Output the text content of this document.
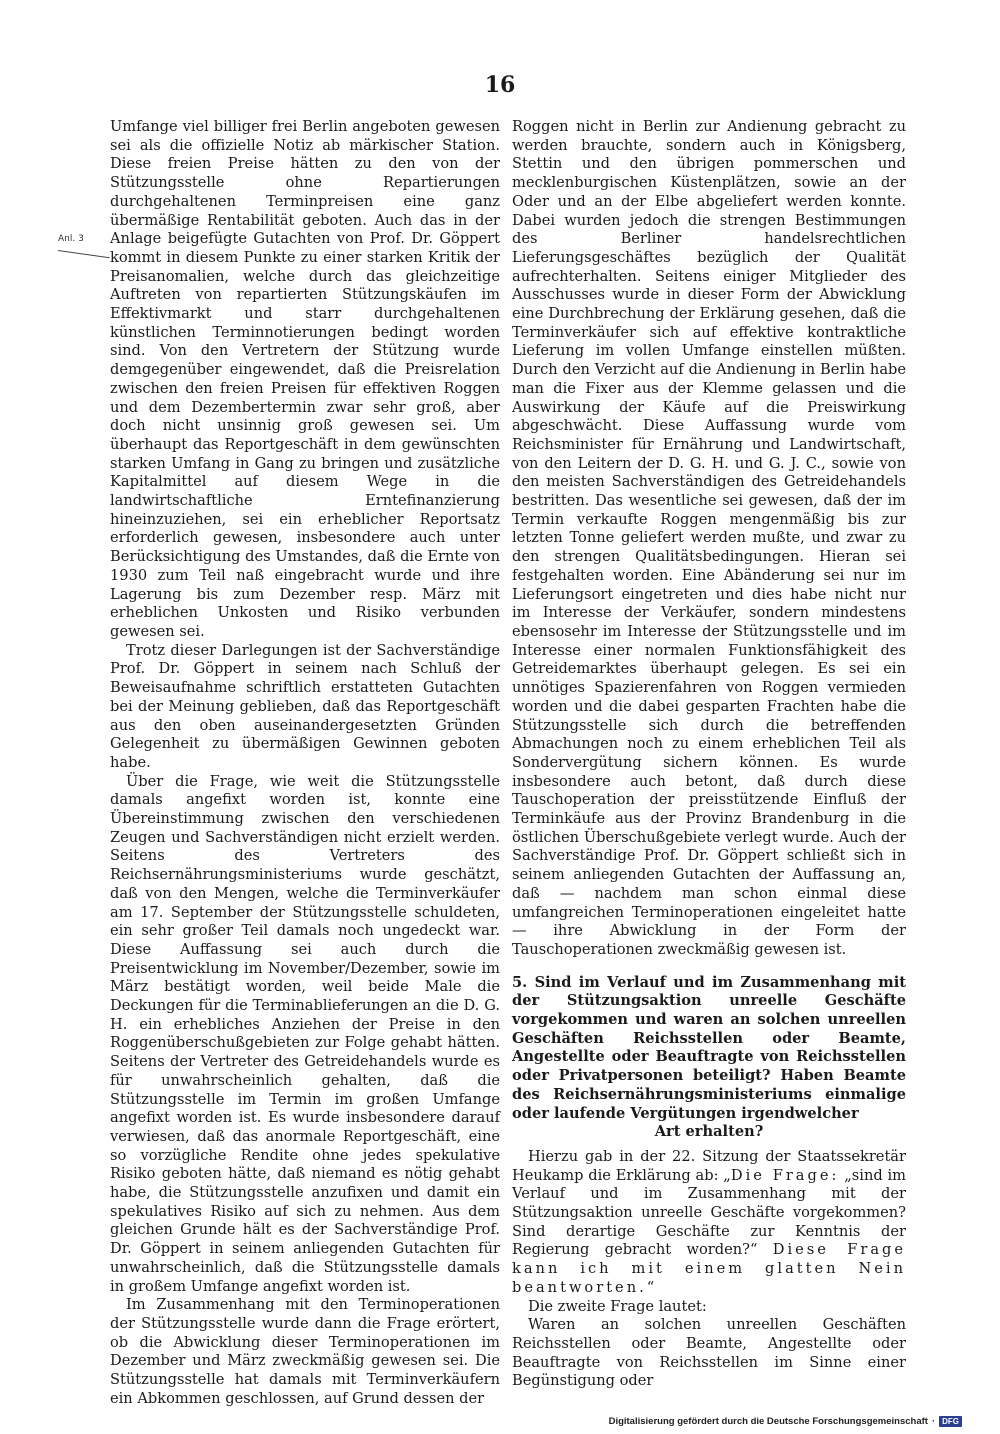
16
Anl. 3

Umfange viel billiger frei Berlin angeboten gewesen sei als die offizielle Notiz ab märkischer Station. Diese freien Preise hätten zu den von der Stützungsstelle ohne Repartierungen durchgehaltenen Terminpreisen eine ganz übermäßige Rentabilität geboten. Auch das in der Anlage beigefügte Gutachten von Prof. Dr. Göppert kommt in diesem Punkte zu einer starken Kritik der Preisanomalien, welche durch das gleichzeitige Auftreten von repartierten Stützungskäufen im Effektivmarkt und starr durchgehaltenen künstlichen Terminnotierungen bedingt worden sind. Von den Vertretern der Stützung wurde demgegenüber eingewendet, daß die Preisrelation zwischen den freien Preisen für effektiven Roggen und dem Dezembertermin zwar sehr groß, aber doch nicht unsinnig groß gewesen sei. Um überhaupt das Reportgeschäft in dem gewünschten starken Umfang in Gang zu bringen und zusätzliche Kapitalmittel auf diesem Wege in die landwirtschaftliche Erntefinanzierung hineinzuziehen, sei ein erheblicher Reportsatz erforderlich gewesen, insbesondere auch unter Berücksichtigung des Umstandes, daß die Ernte von 1930 zum Teil naß eingebracht wurde und ihre Lagerung bis zum Dezember resp. März mit erheblichen Unkosten und Risiko verbunden gewesen sei.

Trotz dieser Darlegungen ist der Sachverständige Prof. Dr. Göppert in seinem nach Schluß der Beweisaufnahme schriftlich erstatteten Gutachten bei der Meinung geblieben, daß das Reportgeschäft aus den oben auseinandergesetzten Gründen Gelegenheit zu übermäßigen Gewinnen geboten habe.

Über die Frage, wie weit die Stützungsstelle damals angefixt worden ist, konnte eine Übereinstimmung zwischen den verschiedenen Zeugen und Sachverständigen nicht erzielt werden. Seitens des Vertreters des Reichsernährungsministeriums wurde geschätzt, daß von den Mengen, welche die Terminverkäufer am 17. September der Stützungsstelle schuldeten, ein sehr großer Teil damals noch ungedeckt war. Diese Auffassung sei auch durch die Preisentwicklung im November/Dezember, sowie im März bestätigt worden, weil beide Male die Deckungen für die Terminablieferungen an die D. G. H. ein erhebliches Anziehen der Preise in den Roggenüberschußgebieten zur Folge gehabt hätten. Seitens der Vertreter des Getreidehandels wurde es für unwahrscheinlich gehalten, daß die Stützungsstelle im Termin im großen Umfange angefixt worden ist. Es wurde insbesondere darauf verwiesen, daß das anormale Reportgeschäft, eine so vorzügliche Rendite ohne jedes spekulative Risiko geboten hätte, daß niemand es nötig gehabt habe, die Stützungsstelle anzufixen und damit ein spekulatives Risiko auf sich zu nehmen. Aus dem gleichen Grunde hält es der Sachverständige Prof. Dr. Göppert in seinem anliegenden Gutachten für unwahrscheinlich, daß die Stützungsstelle damals in großem Umfange angefixt worden ist.

Im Zusammenhang mit den Terminoperationen der Stützungsstelle wurde dann die Frage erörtert, ob die Abwicklung dieser Terminoperationen im Dezember und März zweckmäßig gewesen sei. Die Stützungsstelle hat damals mit Terminverkäufern ein Abkommen geschlossen, auf Grund dessen der

Roggen nicht in Berlin zur Andienung gebracht zu werden brauchte, sondern auch in Königsberg, Stettin und den übrigen pommerschen und mecklenburgischen Küstenplätzen, sowie an der Oder und an der Elbe abgeliefert werden konnte. Dabei wurden jedoch die strengen Bestimmungen des Berliner handelsrechtlichen Lieferungsgeschäftes bezüglich der Qualität aufrechterhalten. Seitens einiger Mitglieder des Ausschusses wurde in dieser Form der Abwicklung eine Durchbrechung der Erklärung gesehen, daß die Terminverkäufer sich auf effektive kontraktliche Lieferung im vollen Umfange einstellen müßten. Durch den Verzicht auf die Andienung in Berlin habe man die Fixer aus der Klemme gelassen und die Auswirkung der Käufe auf die Preiswirkung abgeschwächt. Diese Auffassung wurde vom Reichsminister für Ernährung und Landwirtschaft, von den Leitern der D. G. H. und G. J. C., sowie von den meisten Sachverständigen des Getreidehandels bestritten. Das wesentliche sei gewesen, daß der im Termin verkaufte Roggen mengenmäßig bis zur letzten Tonne geliefert werden mußte, und zwar zu den strengen Qualitätsbedingungen. Hieran sei festgehalten worden. Eine Abänderung sei nur im Lieferungsort eingetreten und dies habe nicht nur im Interesse der Verkäufer, sondern mindestens ebensosehr im Interesse der Stützungsstelle und im Interesse einer normalen Funktionsfähigkeit des Getreidemarktes überhaupt gelegen. Es sei ein unnötiges Spazierenfahren von Roggen vermieden worden und die dabei gesparten Frachten habe die Stützungsstelle sich durch die betreffenden Abmachungen noch zu einem erheblichen Teil als Sondervergütung sichern können. Es wurde insbesondere auch betont, daß durch diese Tauschoperation der preisstützende Einfluß der Terminkäufe aus der Provinz Brandenburg in die östlichen Überschußgebiete verlegt wurde. Auch der Sachverständige Prof. Dr. Göppert schließt sich in seinem anliegenden Gutachten der Auffassung an, daß — nachdem man schon einmal diese umfangreichen Terminoperationen eingeleitet hatte — ihre Abwicklung in der Form der Tauschoperationen zweckmäßig gewesen ist.

5. Sind im Verlauf und im Zusammenhang mit der Stützungsaktion unreelle Geschäfte vorgekommen und waren an solchen unreellen Geschäften Reichsstellen oder Beamte, Angestellte oder Beauftragte von Reichsstellen oder Privatpersonen beteiligt? Haben Beamte des Reichsernährungsministeriums einmalige oder laufende Vergütungen irgendwelcher
Art erhalten?

Hierzu gab in der 22. Sitzung der Staatssekretär Heukamp die Erklärung ab: „Die Frage: „sind im Verlauf und im Zusammenhang mit der Stützungsaktion unreelle Geschäfte vorgekommen? Sind derartige Geschäfte zur Kenntnis der Regierung gebracht worden?“ Diese Frage kann ich mit einem glatten Nein beantworten.“

Die zweite Frage lautet:

Waren an solchen unreellen Geschäften Reichsstellen oder Beamte, Angestellte oder Beauftragte von Reichsstellen im Sinne einer Begünstigung oder

Digitalisierung gefördert durch die Deutsche Forschungsgemeinschaft · DFG
